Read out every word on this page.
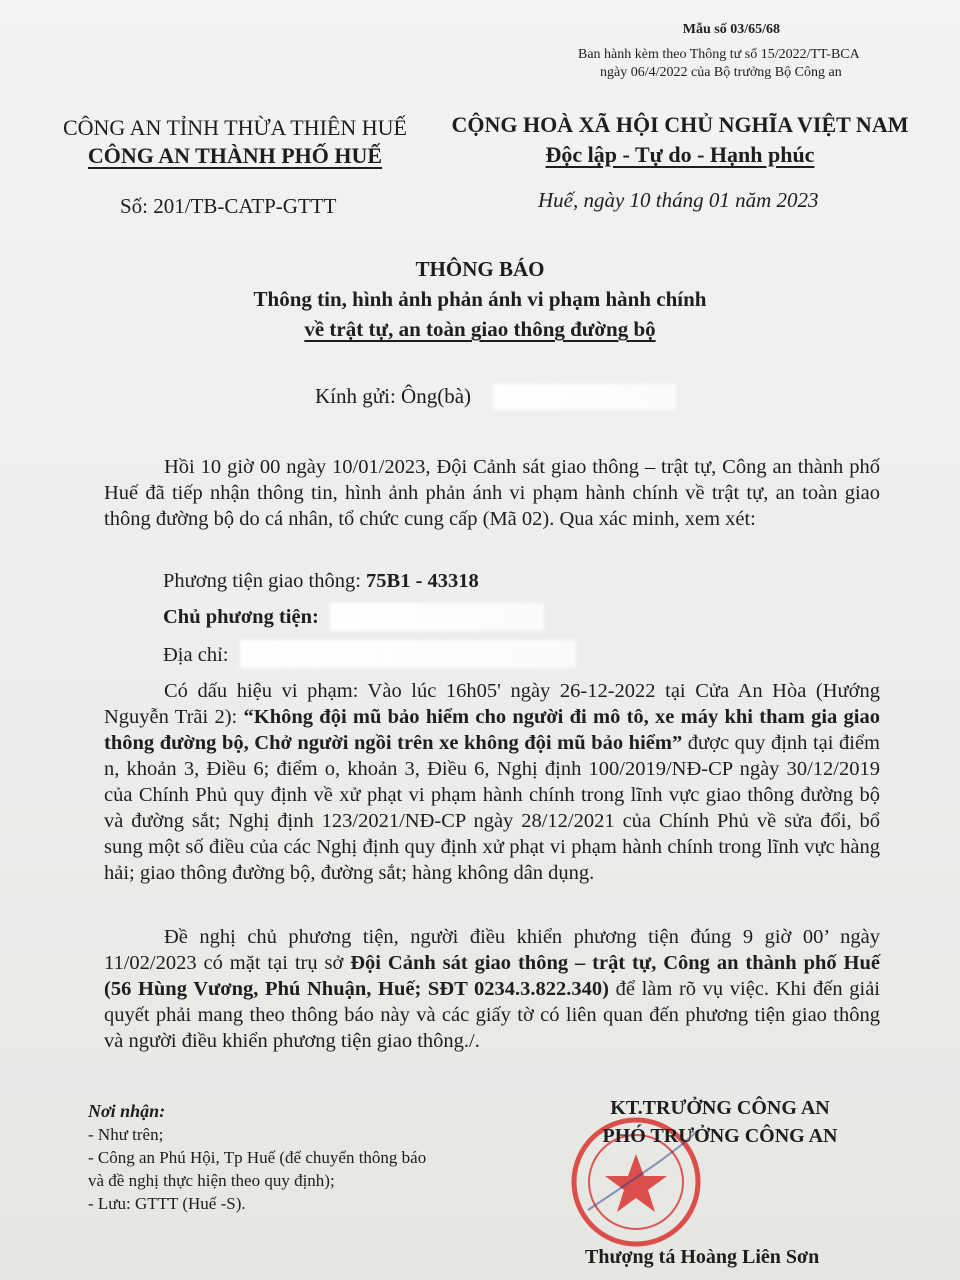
Mẫu số 03/65/68
Ban hành kèm theo Thông tư số 15/2022/TT-BCA
ngày 06/4/2022 của Bộ trưởng Bộ Công an
CÔNG AN TỈNH THỪA THIÊN HUẾ
CÔNG AN THÀNH PHỐ HUẾ
CỘNG HOÀ XÃ HỘI CHỦ NGHĨA VIỆT NAM
Độc lập - Tự do - Hạnh phúc
Số: 201/TB-CATP-GTTT	Huế, ngày 10 tháng 01 năm 2023
THÔNG BÁO
Thông tin, hình ảnh phản ánh vi phạm hành chính
về trật tự, an toàn giao thông đường bộ
Kính gửi: Ông(bà)
Hồi 10 giờ 00 ngày 10/01/2023, Đội Cảnh sát giao thông – trật tự, Công an thành phố Huế đã tiếp nhận thông tin, hình ảnh phản ánh vi phạm hành chính về trật tự, an toàn giao thông đường bộ do cá nhân, tổ chức cung cấp (Mã 02). Qua xác minh, xem xét:
Phương tiện giao thông: 75B1 - 43318
Chủ phương tiện:
Địa chỉ:
Có dấu hiệu vi phạm: Vào lúc 16h05' ngày 26-12-2022 tại Cửa An Hòa (Hướng Nguyễn Trãi 2): “Không đội mũ bảo hiểm cho người đi mô tô, xe máy khi tham gia giao thông đường bộ, Chở người ngồi trên xe không đội mũ bảo hiểm” được quy định tại điểm n, khoản 3, Điều 6; điểm o, khoản 3, Điều 6, Nghị định 100/2019/NĐ-CP ngày 30/12/2019 của Chính Phủ quy định về xử phạt vi phạm hành chính trong lĩnh vực giao thông đường bộ và đường sắt; Nghị định 123/2021/NĐ-CP ngày 28/12/2021 của Chính Phủ về sửa đổi, bổ sung một số điều của các Nghị định quy định xử phạt vi phạm hành chính trong lĩnh vực hàng hải; giao thông đường bộ, đường sắt; hàng không dân dụng.
Đề nghị chủ phương tiện, người điều khiển phương tiện đúng 9 giờ 00’ ngày 11/02/2023 có mặt tại trụ sở Đội Cảnh sát giao thông – trật tự, Công an thành phố Huế (56 Hùng Vương, Phú Nhuận, Huế; SĐT 0234.3.822.340) để làm rõ vụ việc. Khi đến giải quyết phải mang theo thông báo này và các giấy tờ có liên quan đến phương tiện giao thông và người điều khiển phương tiện giao thông./.
Nơi nhận:
- Như trên;
- Công an Phú Hội, Tp Huế (để chuyển thông báo
và đề nghị thực hiện theo quy định);
- Lưu: GTTT (Huế -S).
KT.TRƯỞNG CÔNG AN
PHÓ TRƯỞNG CÔNG AN
Thượng tá Hoàng Liên Sơn
